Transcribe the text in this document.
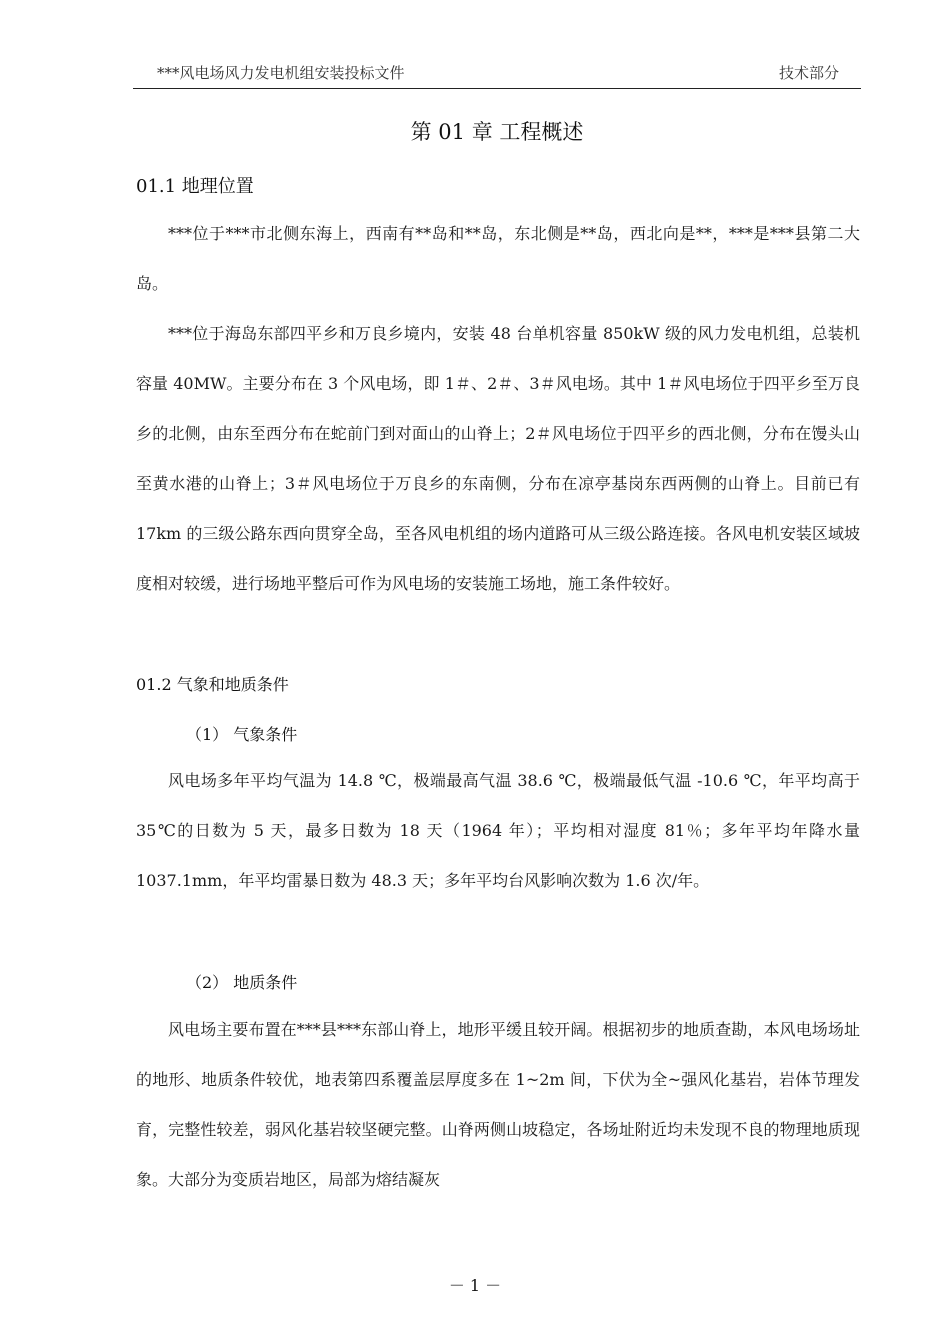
***风电场风力发电机组安装投标文件	技术部分
第 01 章 工程概述
01.1 地理位置

***位于***市北侧东海上，西南有**岛和**岛，东北侧是**岛，西北向是**，***是***县第二大岛。

***位于海岛东部四平乡和万良乡境内，安装 48 台单机容量 850kW 级的风力发电机组，总装机容量 40MW。主要分布在 3 个风电场，即 1＃、2＃、3＃风电场。其中 1＃风电场位于四平乡至万良乡的北侧，由东至西分布在蛇前门到对面山的山脊上；2＃风电场位于四平乡的西北侧，分布在馒头山至黄水港的山脊上；3＃风电场位于万良乡的东南侧，分布在凉亭基岗东西两侧的山脊上。目前已有17km 的三级公路东西向贯穿全岛，至各风电机组的场内道路可从三级公路连接。各风电机安装区域坡度相对较缓，进行场地平整后可作为风电场的安装施工场地，施工条件较好。

01.2 气象和地质条件
（1） 气象条件

风电场多年平均气温为 14.8 ℃，极端最高气温 38.6 ℃，极端最低气温 -10.6 ℃，年平均高于 35℃的日数为 5 天，最多日数为 18 天（1964 年）；平均相对湿度 81％；多年平均年降水量 1037.1mm，年平均雷暴日数为 48.3 天；多年平均台风影响次数为 1.6 次/年。

（2） 地质条件

风电场主要布置在***县***东部山脊上，地形平缓且较开阔。根据初步的地质查勘，本风电场场址的地形、地质条件较优，地表第四系覆盖层厚度多在 1~2m 间，下伏为全~强风化基岩，岩体节理发育，完整性较差，弱风化基岩较坚硬完整。山脊两侧山坡稳定，各场址附近均未发现不良的物理地质现象。大部分为变质岩地区，局部为熔结凝灰

－ 1 －
